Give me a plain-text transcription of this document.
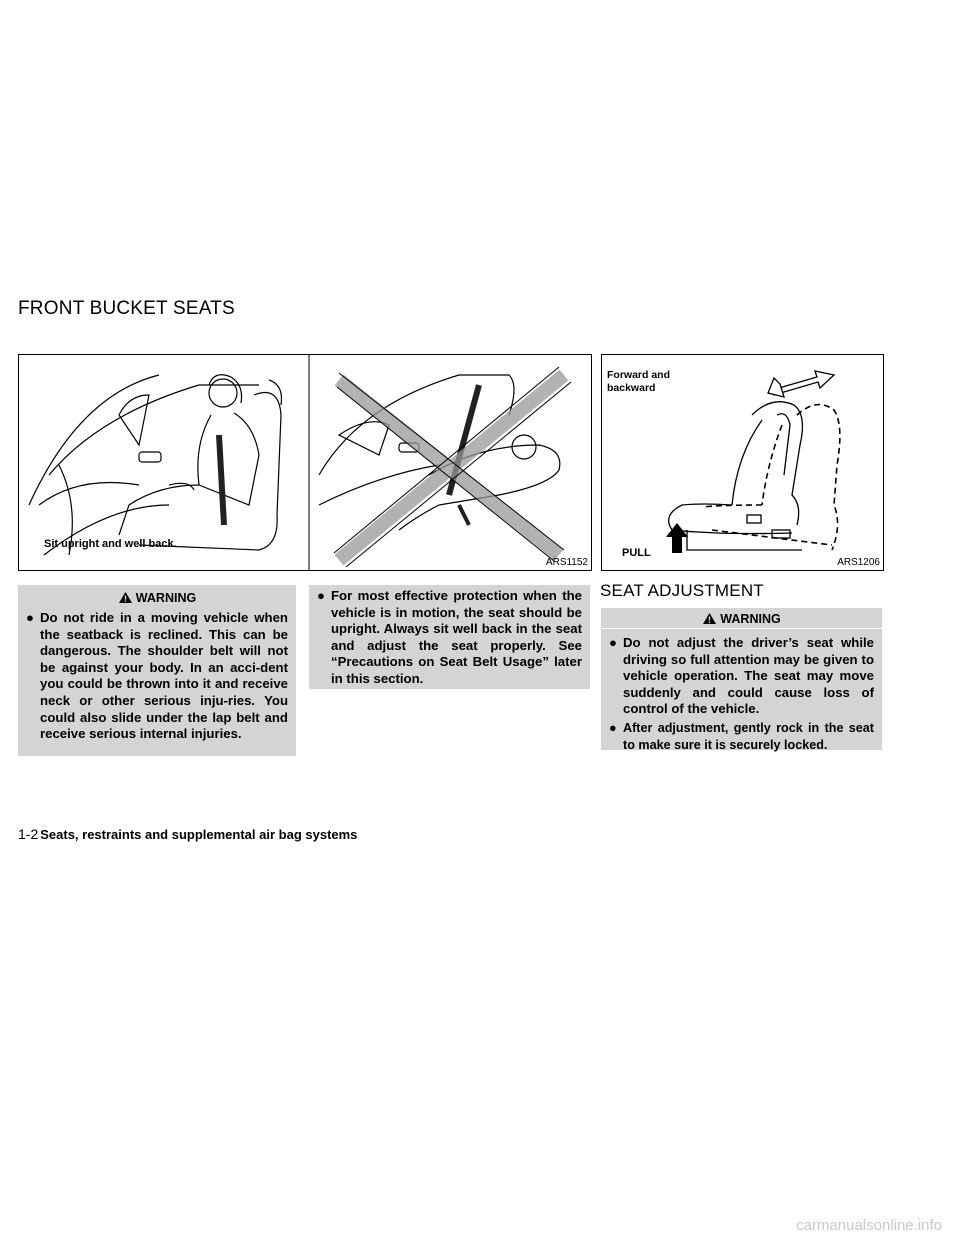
FRONT BUCKET SEATS
Sit upright and well back.
ARS1152
Forward and
backward
PULL
ARS1206
WARNING
● Do not ride in a moving vehicle when the seatback is reclined. This can be dangerous. The shoulder belt will not be against your body. In an acci-dent you could be thrown into it and receive neck or other serious inju-ries. You could also slide under the lap belt and receive serious internal injuries.
● For most effective protection when the vehicle is in motion, the seat should be upright. Always sit well back in the seat and adjust the seat properly. See “Precautions on Seat Belt Usage” later in this section.
SEAT ADJUSTMENT
WARNING
● Do not adjust the driver’s seat while driving so full attention may be given to vehicle operation. The seat may move suddenly and could cause loss of control of the vehicle.
● After adjustment, gently rock in the seat to make sure it is securely locked.
1-2 Seats, restraints and supplemental air bag systems
carmanualsonline.info
